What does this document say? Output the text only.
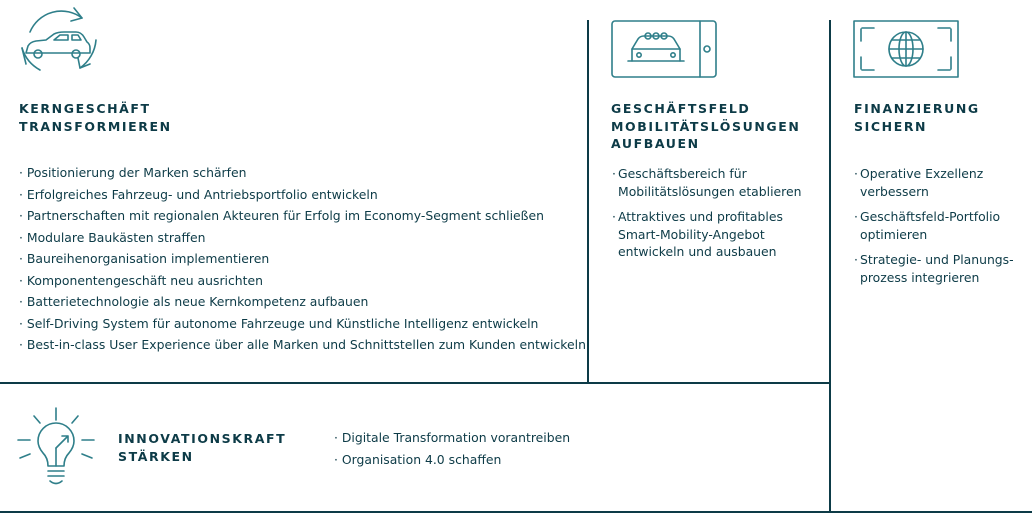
KERNGESCHÄFT
TRANSFORMIEREN
· Positionierung der Marken schärfen
· Erfolgreiches Fahrzeug- und Antriebsportfolio entwickeln
· Partnerschaften mit regionalen Akteuren für Erfolg im Economy-Segment schließen
· Modulare Baukästen straffen
· Baureihenorganisation implementieren
· Komponentengeschäft neu ausrichten
· Batterietechnologie als neue Kernkompetenz aufbauen
· Self-Driving System für autonome Fahrzeuge und Künstliche Intelligenz entwickeln
· Best-in-class User Experience über alle Marken und Schnittstellen zum Kunden entwickeln
GESCHÄFTSFELD
MOBILITÄTSLÖSUNGEN
AUFBAUEN
· Geschäftsbereich für
Mobilitätslösungen etablieren
· Attraktives und profitables
Smart-Mobility-Angebot
entwickeln und ausbauen
FINANZIERUNG
SICHERN
· Operative Exzellenz
verbessern
· Geschäftsfeld-Portfolio
optimieren
· Strategie- und Planungs-
prozess integrieren
INNOVATIONSKRAFT
STÄRKEN
· Digitale Transformation vorantreiben
· Organisation 4.0 schaffen
